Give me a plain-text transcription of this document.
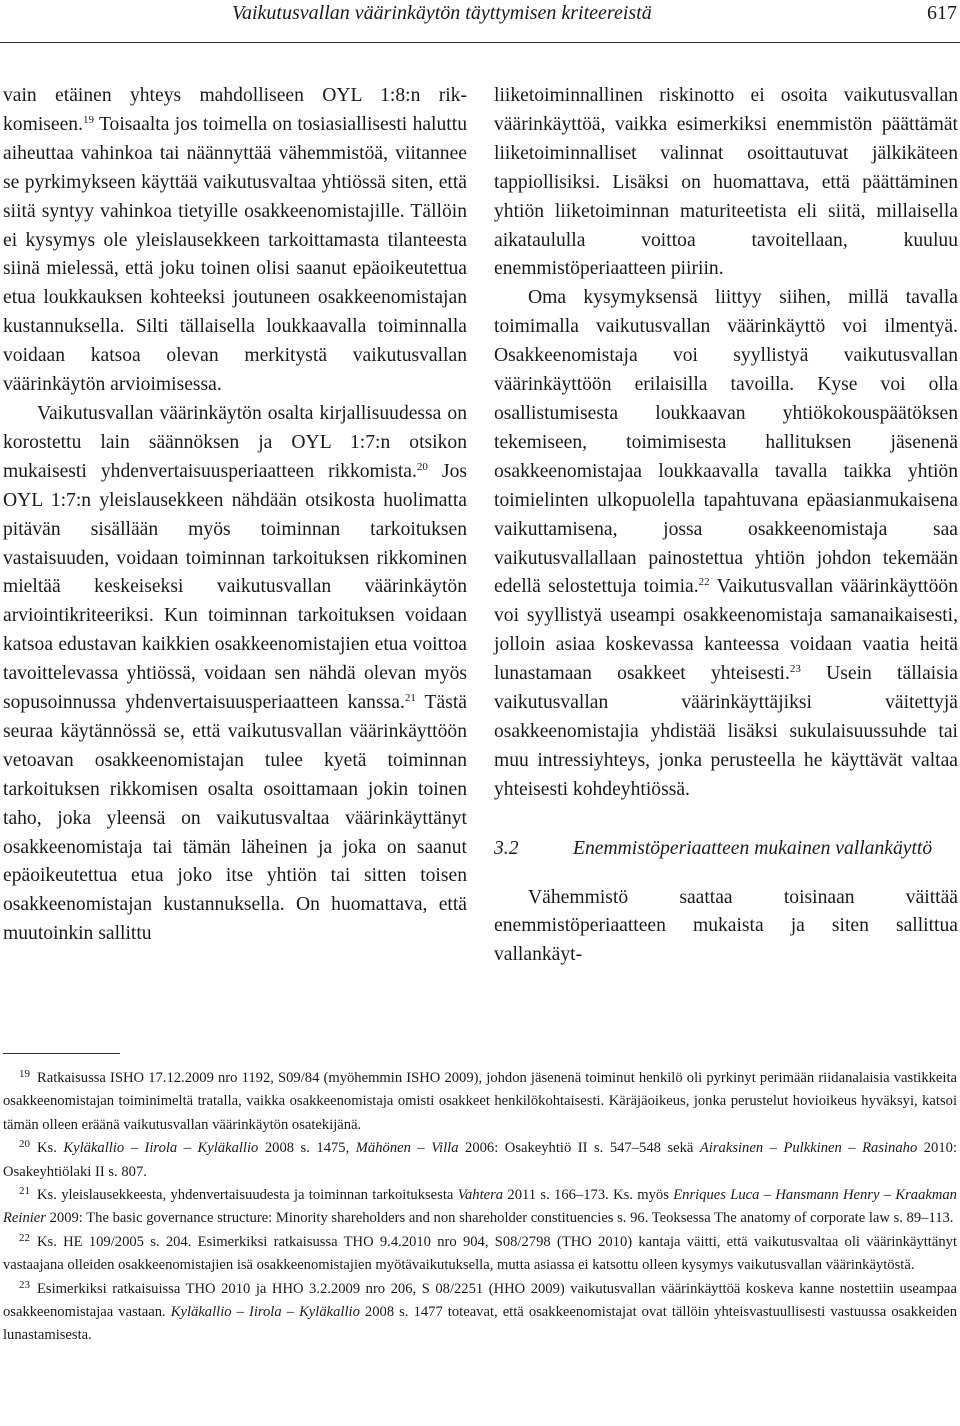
Vaikutusvallan väärinkäytön täyttymisen kriteereistä	617

vain etäinen yhteys mahdolliseen OYL 1:8:n rik-komiseen.$^{19}$ Toisaalta jos toimella on tosiasiallisesti haluttu aiheuttaa vahinkoa tai näännyttää vähemmistöä, viitannee se pyrkimykseen käyttää vaikutusvaltaa yhtiössä siten, että siitä syntyy vahinkoa tietyille osakkeenomistajille. Tällöin ei kysymys ole yleislausekkeen tarkoittamasta tilanteesta siinä mielessä, että joku toinen olisi saanut epäoikeutettua etua loukkauksen kohteeksi joutuneen osakkeenomistajan kustannuksella. Silti tällaisella loukkaavalla toiminnalla voidaan katsoa olevan merkitystä vaikutusvallan väärinkäytön arvioimisessa.

Vaikutusvallan väärinkäytön osalta kirjallisuudessa on korostettu lain säännöksen ja OYL 1:7:n otsikon mukaisesti yhdenvertaisuusperiaatteen rikkomista.$^{20}$ Jos OYL 1:7:n yleislausekkeen nähdään otsikosta huolimatta pitävän sisällään myös toiminnan tarkoituksen vastaisuuden, voidaan toiminnan tarkoituksen rikkominen mieltää keskeiseksi vaikutusvallan väärinkäytön arviointikriteeriksi. Kun toiminnan tarkoituksen voidaan katsoa edustavan kaikkien osakkeenomistajien etua voittoa tavoittelevassa yhtiössä, voidaan sen nähdä olevan myös sopusoinnussa yhdenvertaisuusperiaatteen kanssa.$^{21}$ Tästä seuraa käytännössä se, että vaikutusvallan väärinkäyttöön vetoavan osakkeenomistajan tulee kyetä toiminnan tarkoituksen rikkomisen osalta osoittamaan jokin toinen taho, joka yleensä on vaikutusvaltaa väärinkäyttänyt osakkeenomistaja tai tämän läheinen ja joka on saanut epäoikeutettua etua joko itse yhtiön tai sitten toisen osakkeenomistajan kustannuksella. On huomattava, että muutoinkin sallittu

liiketoiminnallinen riskinotto ei osoita vaikutusvallan väärinkäyttöä, vaikka esimerkiksi enemmistön päättämät liiketoiminnalliset valinnat osoittautuvat jälkikäteen tappiollisiksi. Lisäksi on huomattava, että päättäminen yhtiön liiketoiminnan maturiteetista eli siitä, millaisella aikataululla voittoa tavoitellaan, kuuluu enemmistöperiaatteen piiriin.

Oma kysymyksensä liittyy siihen, millä tavalla toimimalla vaikutusvallan väärinkäyttö voi ilmentyä. Osakkeenomistaja voi syyllistyä vaikutusvallan väärinkäyttöön erilaisilla tavoilla. Kyse voi olla osallistumisesta loukkaavan yhtiökokouspäätöksen tekemiseen, toimimisesta hallituksen jäsenenä osakkeenomistajaa loukkaavalla tavalla taikka yhtiön toimielinten ulkopuolella tapahtuvana epäasianmukaisena vaikuttamisena, jossa osakkeenomistaja saa vaikutusvallallaan painostettua yhtiön johdon tekemään edellä selostettuja toimia.$^{22}$ Vaikutusvallan väärinkäyttöön voi syyllistyä useampi osakkeenomistaja samanaikaisesti, jolloin asiaa koskevassa kanteessa voidaan vaatia heitä lunastamaan osakkeet yhteisesti.$^{23}$ Usein tällaisia vaikutusvallan väärinkäyttäjiksi väitettyjä osakkeenomistajia yhdistää lisäksi sukulaisuussuhde tai muu intressiyhteys, jonka perusteella he käyttävät valtaa yhteisesti kohdeyhtiössä.

3.2	Enemmistöperiaatteen mukainen vallankäyttö

Vähemmistö saattaa toisinaan väittää enemmistöperiaatteen mukaista ja siten sallittua vallankäyt-

$^{19}$ Ratkaisussa ISHO 17.12.2009 nro 1192, S09/84 (myöhemmin ISHO 2009), johdon jäsenenä toiminut henkilö oli pyrkinyt perimään riidanalaisia vastikkeita osakkeenomistajan toiminimeltä tratalla, vaikka osakkeenomistaja omisti osakkeet henkilökohtaisesti. Käräjäoikeus, jonka perustelut hovioikeus hyväksyi, katsoi tämän olleen eräänä vaikutusvallan väärinkäytön osatekijänä.

$^{20}$ Ks. Kyläkallio – Iirola – Kyläkallio 2008 s. 1475, Mähönen – Villa 2006: Osakeyhtiö II s. 547–548 sekä Airaksinen – Pulkkinen – Rasinaho 2010: Osakeyhtiölaki II s. 807.

$^{21}$ Ks. yleislausekkeesta, yhdenvertaisuudesta ja toiminnan tarkoituksesta Vahtera 2011 s. 166–173. Ks. myös Enriques Luca – Hansmann Henry – Kraakman Reinier 2009: The basic governance structure: Minority shareholders and non shareholder constituencies s. 96. Teoksessa The anatomy of corporate law s. 89–113.

$^{22}$ Ks. HE 109/2005 s. 204. Esimerkiksi ratkaisussa THO 9.4.2010 nro 904, S08/2798 (THO 2010) kantaja väitti, että vaikutusvaltaa oli väärinkäyttänyt vastaajana olleiden osakkeenomistajien isä osakkeenomistajien myötävaikutuksella, mutta asiassa ei katsottu olleen kysymys vaikutusvallan väärinkäytöstä.

$^{23}$ Esimerkiksi ratkaisuissa THO 2010 ja HHO 3.2.2009 nro 206, S 08/2251 (HHO 2009) vaikutusvallan väärinkäyttöä koskeva kanne nostettiin useampaa osakkeenomistajaa vastaan. Kyläkallio – Iirola – Kyläkallio 2008 s. 1477 toteavat, että osakkeenomistajat ovat tällöin yhteisvastuullisesti vastuussa osakkeiden lunastamisesta.
